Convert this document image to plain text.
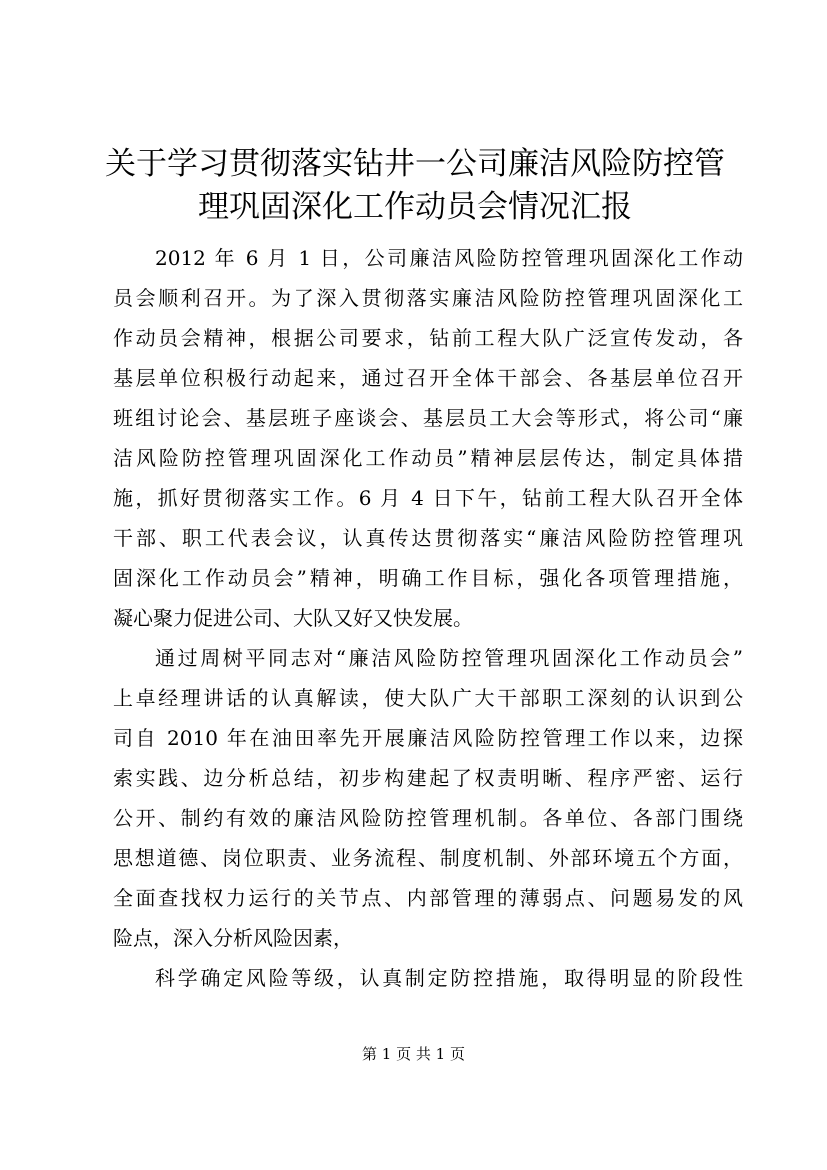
关于学习贯彻落实钻井一公司廉洁风险防控管
理巩固深化工作动员会情况汇报
2012 年 6 月 1 日，公司廉洁风险防控管理巩固深化工作动
员会顺利召开。为了深入贯彻落实廉洁风险防控管理巩固深化工
作动员会精神，根据公司要求，钻前工程大队广泛宣传发动，各
基层单位积极行动起来，通过召开全体干部会、各基层单位召开
班组讨论会、基层班子座谈会、基层员工大会等形式，将公司“廉
洁风险防控管理巩固深化工作动员”精神层层传达，制定具体措
施，抓好贯彻落实工作。6 月 4 日下午，钻前工程大队召开全体
干部、职工代表会议，认真传达贯彻落实“廉洁风险防控管理巩
固深化工作动员会”精神，明确工作目标，强化各项管理措施，
凝心聚力促进公司、大队又好又快发展。
通过周树平同志对“廉洁风险防控管理巩固深化工作动员会”
上卓经理讲话的认真解读，使大队广大干部职工深刻的认识到公
司自 2010 年在油田率先开展廉洁风险防控管理工作以来，边探
索实践、边分析总结，初步构建起了权责明晰、程序严密、运行
公开、制约有效的廉洁风险防控管理机制。各单位、各部门围绕
思想道德、岗位职责、业务流程、制度机制、外部环境五个方面，
全面查找权力运行的关节点、内部管理的薄弱点、问题易发的风
险点，深入分析风险因素，
科学确定风险等级，认真制定防控措施，取得明显的阶段性
第 1 页 共 1 页
